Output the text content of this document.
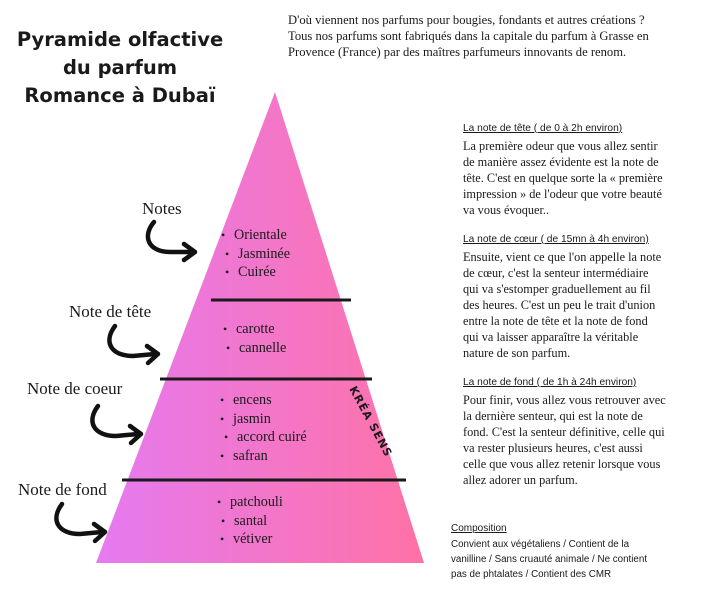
Pyramide olfactive
du parfum
Romance à Dubaï
D'où viennent nos parfums pour bougies, fondants et autres créations ?
Tous nos parfums sont fabriqués dans la capitale du parfum à Grasse en
Provence (France) par des maîtres parfumeurs innovants de renom.
• Orientale
• Jasminée
• Cuirée
• carotte
• cannelle
• encens
• jasmin
• accord cuiré
• safran
• patchouli
• santal
• vétiver
KRÉA SENS
Notes
Note de tête
Note de coeur
Note de fond
La note de tête ( de 0 à 2h environ)
La première odeur que vous allez sentir
de manière assez évidente est la note de
tête. C'est en quelque sorte la « première
impression » de l'odeur que votre beauté
va vous évoquer..
La note de cœur ( de 15mn à 4h environ)
Ensuite, vient ce que l'on appelle la note
de cœur, c'est la senteur intermédiaire
qui va s'estomper graduellement au fil
des heures. C'est un peu le trait d'union
entre la note de tête et la note de fond
qui va laisser apparaître la véritable
nature de son parfum.
La note de fond ( de 1h à 24h environ)
Pour finir, vous allez vous retrouver avec
la dernière senteur, qui est la note de
fond. C'est la senteur définitive, celle qui
va rester plusieurs heures, c'est aussi
celle que vous allez retenir lorsque vous
allez adorer un parfum.
Composition
Convient aux végétaliens / Contient de la
vanilline / Sans cruauté animale / Ne contient
pas de phtalates / Contient des CMR
